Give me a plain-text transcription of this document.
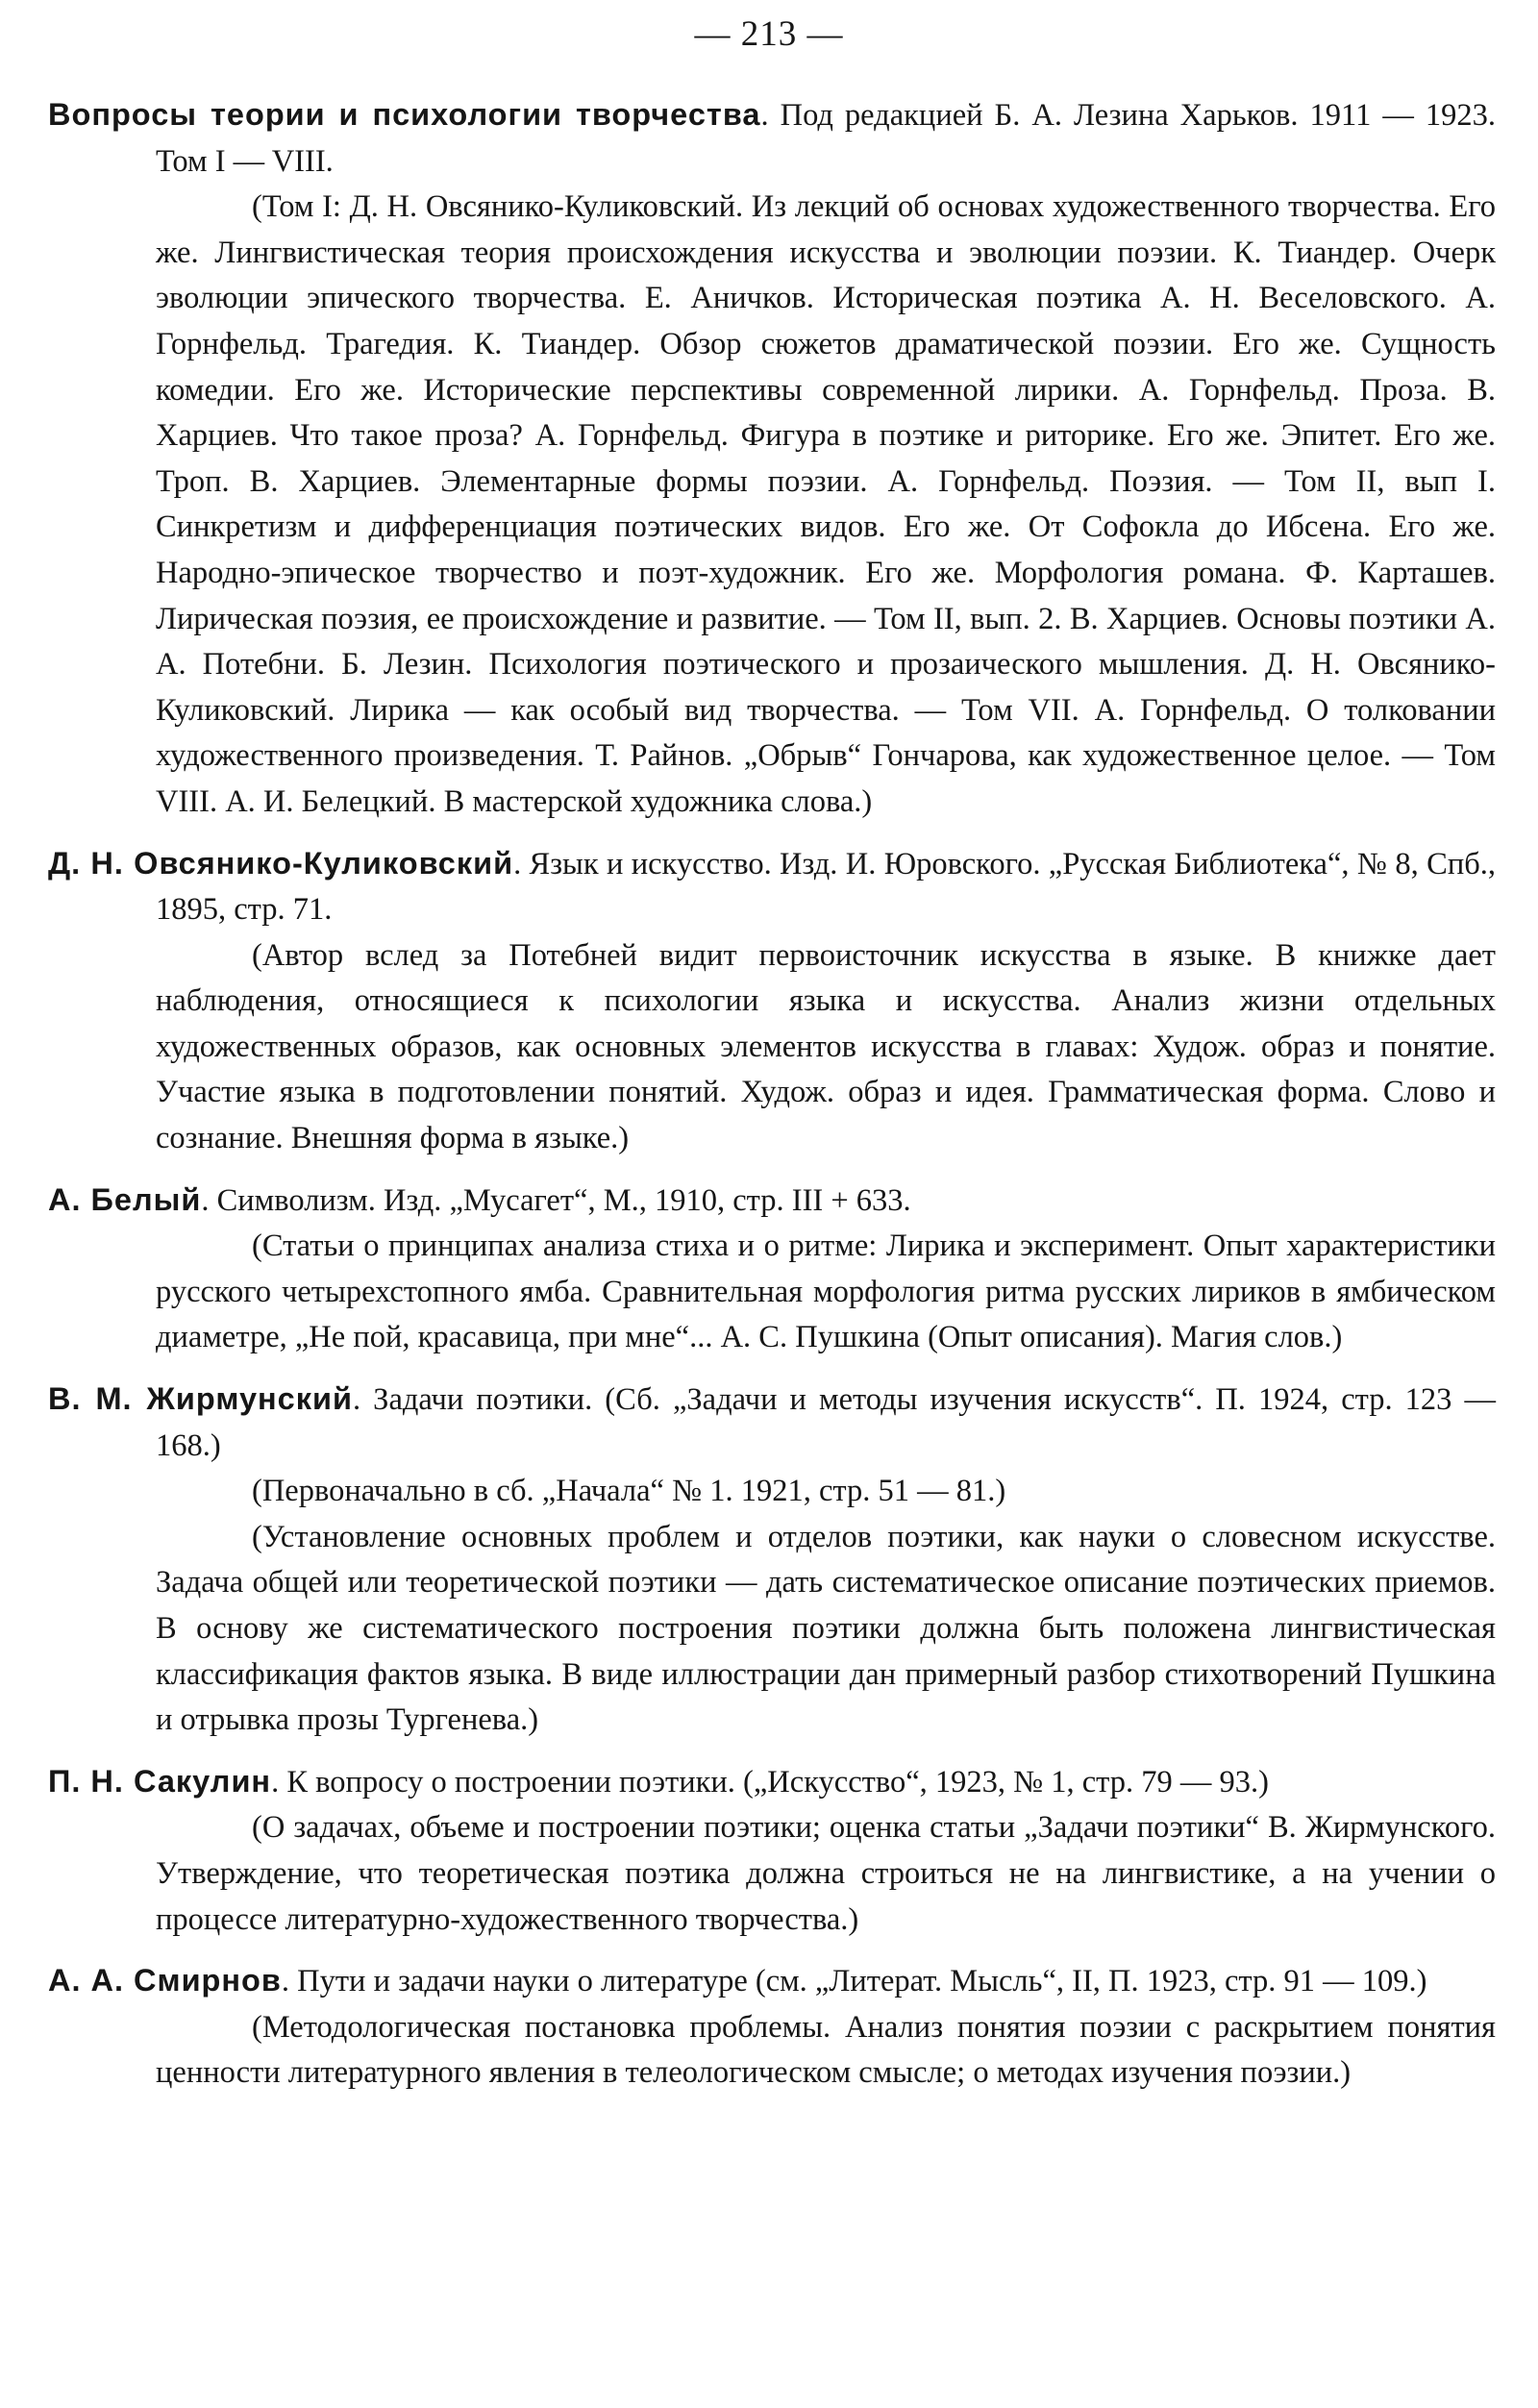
— 213 —

Вопросы теории и психологии творчества. Под редакцией Б. А. Лезина Харьков. 1911 — 1923. Том I — VIII.

(Том I: Д. Н. Овсянико-Куликовский. Из лекций об основах художественного творчества. Его же. Лингвистическая теория происхождения искусства и эволюции поэзии. К. Тиандер. Очерк эволюции эпического творчества. Е. Аничков. Историческая поэтика А. Н. Веселовского. А. Горнфельд. Трагедия. К. Тиандер. Обзор сюжетов драматической поэзии. Его же. Сущность комедии. Его же. Исторические перспективы современной лирики. А. Горнфельд. Проза. В. Харциев. Что такое проза? А. Горнфельд. Фигура в поэтике и риторике. Его же. Эпитет. Его же. Троп. В. Харциев. Элементарные формы поэзии. А. Горнфельд. Поэзия. — Том II, вып I. Синкретизм и дифференциация поэтических видов. Его же. От Софокла до Ибсена. Его же. Народно-эпическое творчество и поэт-художник. Его же. Морфология романа. Ф. Карташев. Лирическая поэзия, ее происхождение и развитие. — Том II, вып. 2. В. Харциев. Основы поэтики А. А. Потебни. Б. Лезин. Психология поэтического и прозаического мышления. Д. Н. Овсянико-Куликовский. Лирика — как особый вид творчества. — Том VII. А. Горнфельд. О толковании художественного произведения. Т. Райнов. „Обрыв“ Гончарова, как художественное целое. — Том VIII. А. И. Белецкий. В мастерской художника слова.)

Д. Н. Овсянико-Куликовский. Язык и искусство. Изд. И. Юровского. „Русская Библиотека“, № 8, Спб., 1895, стр. 71.

(Автор вслед за Потебней видит первоисточник искусства в языке. В книжке дает наблюдения, относящиеся к психологии языка и искусства. Анализ жизни отдельных художественных образов, как основных элементов искусства в главах: Худож. образ и понятие. Участие языка в подготовлении понятий. Худож. образ и идея. Грамматическая форма. Слово и сознание. Внешняя форма в языке.)

А. Белый. Символизм. Изд. „Мусагет“, М., 1910, стр. III + 633.

(Статьи о принципах анализа стиха и о ритме: Лирика и эксперимент. Опыт характеристики русского четырехстопного ямба. Сравнительная морфология ритма русских лириков в ямбическом диаметре, „Не пой, красавица, при мне“... А. С. Пушкина (Опыт описания). Магия слов.)

В. М. Жирмунский. Задачи поэтики. (Сб. „Задачи и методы изучения искусств“. П. 1924, стр. 123 — 168.)

(Первоначально в сб. „Начала“ № 1. 1921, стр. 51 — 81.)

(Установление основных проблем и отделов поэтики, как науки о словесном искусстве. Задача общей или теоретической поэтики — дать систематическое описание поэтических приемов. В основу же систематического построения поэтики должна быть положена лингвистическая классификация фактов языка. В виде иллюстрации дан примерный разбор стихотворений Пушкина и отрывка прозы Тургенева.)

П. Н. Сакулин. К вопросу о построении поэтики. („Искусство“, 1923, № 1, стр. 79 — 93.)

(О задачах, объеме и построении поэтики; оценка статьи „Задачи поэтики“ В. Жирмунского. Утверждение, что теоретическая поэтика должна строиться не на лингвистике, а на учении о процессе литературно-художественного творчества.)

А. А. Смирнов. Пути и задачи науки о литературе (см. „Литерат. Мысль“, II, П. 1923, стр. 91 — 109.)

(Методологическая постановка проблемы. Анализ понятия поэзии с раскрытием понятия ценности литературного явления в телеологическом смысле; о методах изучения поэзии.)
